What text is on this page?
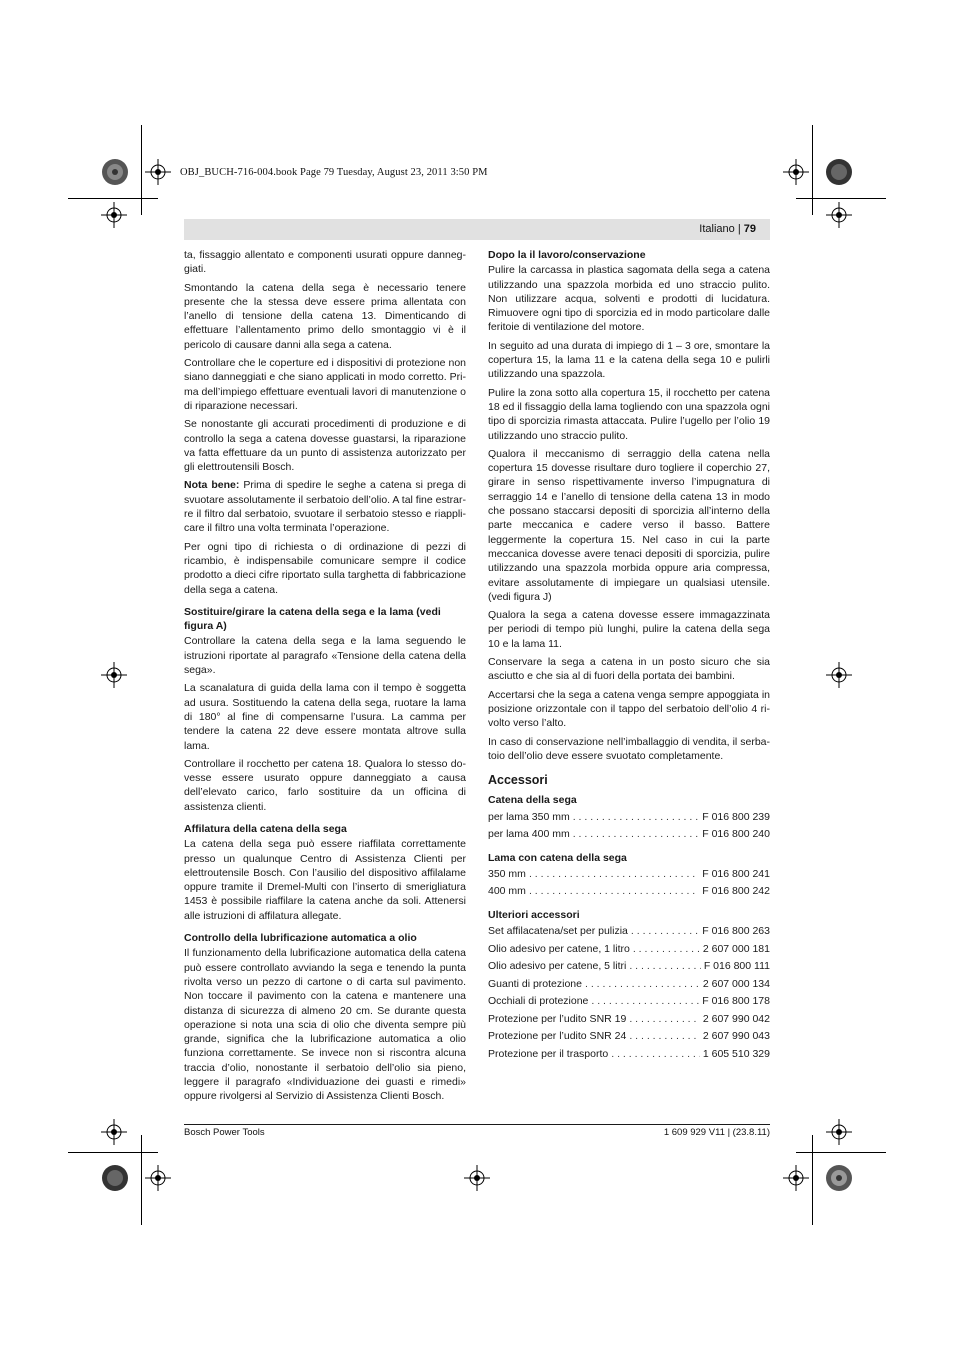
OBJ_BUCH-716-004.book Page 79 Tuesday, August 23, 2011 3:50 PM
Italiano | 79

ta, fissaggio allentato e componenti usurati oppure danneggiati.

Smontando la catena della sega è necessario tenere presente che la stessa deve essere prima allentata con l’anello di tensione della catena 13. Dimenticando di effettuare l’allentamento primo dello smontaggio vi è il pericolo di causare danni alla sega a catena.

Controllare che le coperture ed i dispositivi di protezione non siano danneggiati e che siano applicati in modo corretto. Prima dell’impiego effettuare eventuali lavori di manutenzione o di riparazione necessari.

Se nonostante gli accurati procedimenti di produzione e di controllo la sega a catena dovesse guastarsi, la riparazione va fatta effettuare da un punto di assistenza autorizzato per gli elettroutensili Bosch.

Nota bene: Prima di spedire le seghe a catena si prega di svuotare assolutamente il serbatoio dell’olio. A tal fine estrarre il filtro dal serbatoio, svuotare il serbatoio stesso e riapplicare il filtro una volta terminata l’operazione.

Per ogni tipo di richiesta o di ordinazione di pezzi di ricambio, è indispensabile comunicare sempre il codice prodotto a dieci cifre riportato sulla targhetta di fabbricazione della sega a catena.

Sostituire/girare la catena della sega e la lama (vedi figura A)

Controllare la catena della sega e la lama seguendo le istruzioni riportate al paragrafo «Tensione della catena della sega».

La scanalatura di guida della lama con il tempo è soggetta ad usura. Sostituendo la catena della sega, ruotare la lama di 180° al fine di compensarne l’usura. La camma per tendere la catena 22 deve essere montata altrove sulla lama.

Controllare il rocchetto per catena 18. Qualora lo stesso dovesse essere usurato oppure danneggiato a causa dell’elevato carico, farlo sostituire da un officina di assistenza clienti.

Affilatura della catena della sega

La catena della sega può essere riaffilata correttamente presso un qualunque Centro di Assistenza Clienti per elettroutensile Bosch. Con l’ausilio del dispositivo affilalame oppure tramite il Dremel-Multi con l’inserto di smerigliatura 1453 è possibile riaffilare la catena anche da soli. Attenersi alle istruzioni di affilatura allegate.

Controllo della lubrificazione automatica a olio

Il funzionamento della lubrificazione automatica della catena può essere controllato avviando la sega e tenendo la punta rivolta verso un pezzo di cartone o di carta sul pavimento. Non toccare il pavimento con la catena e mantenere una distanza di sicurezza di almeno 20 cm. Se durante questa operazione si nota una scia di olio che diventa sempre più grande, significa che la lubrificazione automatica a olio funziona correttamente. Se invece non si riscontra alcuna traccia d’olio, nonostante il serbatoio dell’olio sia pieno, leggere il paragrafo «Individuazione dei guasti e rimedi» oppure rivolgersi al Servizio di Assistenza Clienti Bosch.

Dopo la il lavoro/conservazione

Pulire la carcassa in plastica sagomata della sega a catena utilizzando una spazzola morbida ed uno straccio pulito. Non utilizzare acqua, solventi e prodotti di lucidatura. Rimuovere ogni tipo di sporcizia ed in modo particolare dalle feritoie di ventilazione del motore.

In seguito ad una durata di impiego di 1 – 3 ore, smontare la copertura 15, la lama 11 e la catena della sega 10 e pulirli utilizzando una spazzola.

Pulire la zona sotto alla copertura 15, il rocchetto per catena 18 ed il fissaggio della lama togliendo con una spazzola ogni tipo di sporcizia rimasta attaccata. Pulire l’ugello per l’olio 19 utilizzando uno straccio pulito.

Qualora il meccanismo di serraggio della catena nella copertura 15 dovesse risultare duro togliere il coperchio 27, girare in senso rispettivamente inverso l’impugnatura di serraggio 14 e l’anello di tensione della catena 13 in modo che possano staccarsi depositi di sporcizia all’interno della parte meccanica e cadere verso il basso. Battere leggermente la copertura 15. Nel caso in cui la parte meccanica dovesse avere tenaci depositi di sporcizia, pulire utilizzando una spazzola morbida oppure aria compressa, evitare assolutamente di impiegare un qualsiasi utensile. (vedi figura J)

Qualora la sega a catena dovesse essere immagazzinata per periodi di tempo più lunghi, pulire la catena della sega 10 e la lama 11.

Conservare la sega a catena in un posto sicuro che sia asciutto e che sia al di fuori della portata dei bambini.

Accertarsi che la sega a catena venga sempre appoggiata in posizione orizzontale con il tappo del serbatoio dell’olio 4 rivolto verso l’alto.

In caso di conservazione nell’imballaggio di vendita, il serbatoio dell’olio deve essere svuotato completamente.

Accessori
Catena della sega
per lama 350 mm . . .	F 016 800 239
per lama 400 mm . . .	F 016 800 240
Lama con catena della sega
350 mm . . .	F 016 800 241
400 mm . . .	F 016 800 242
Ulteriori accessori
Set affilacatena/set per pulizia . . .	F 016 800 263
Olio adesivo per catene, 1 litro . . .	2 607 000 181
Olio adesivo per catene, 5 litri . . .	F 016 800 111
Guanti di protezione . . .	2 607 000 134
Occhiali di protezione . . .	F 016 800 178
Protezione per l’udito SNR 19 . . .	2 607 990 042
Protezione per l’udito SNR 24 . . .	2 607 990 043
Protezione per il trasporto . . .	1 605 510 329
Bosch Power Tools	1 609 929 V11 | (23.8.11)
